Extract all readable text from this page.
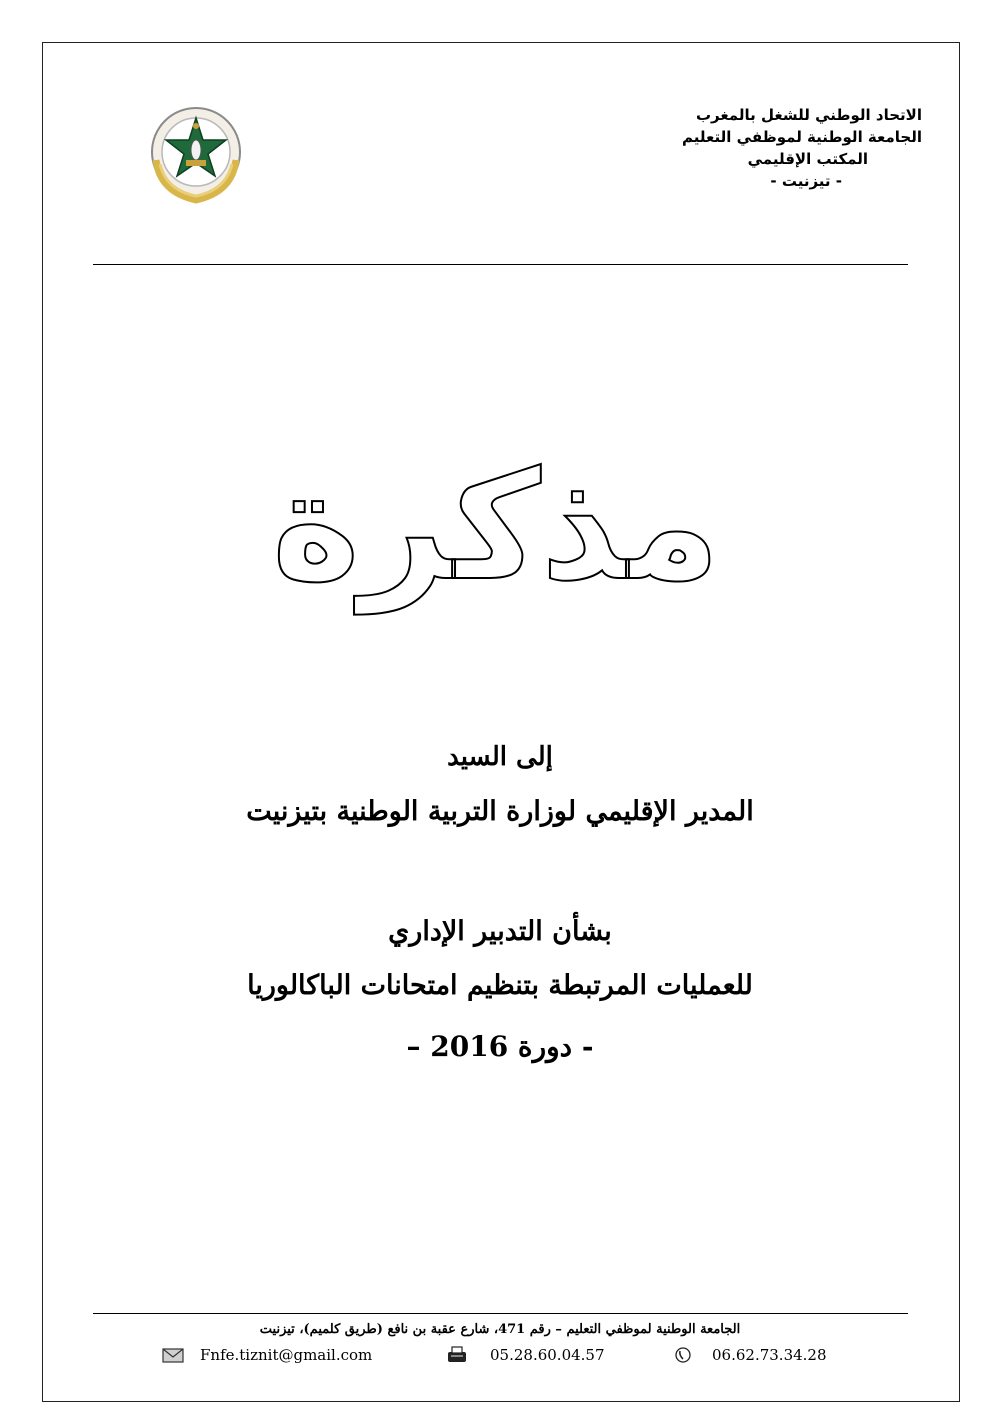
الاتحاد الوطني للشغل بالمغرب
الجامعة الوطنية لموظفي التعليم
المكتب الإقليمي
- تيزنيت -
مذكرة
إلى السيد
المدير الإقليمي لوزارة التربية الوطنية بتيزنيت
بشأن التدبير الإداري
للعمليات المرتبطة بتنظيم امتحانات الباكالوريا
- دورة 2016 –
الجامعة الوطنية لموظفي التعليم – رقم 471، شارع عقبة بن نافع (طريق كلميم)، تيزنيت
Fnfe.tiznit@gmail.com	05.28.60.04.57	06.62.73.34.28
